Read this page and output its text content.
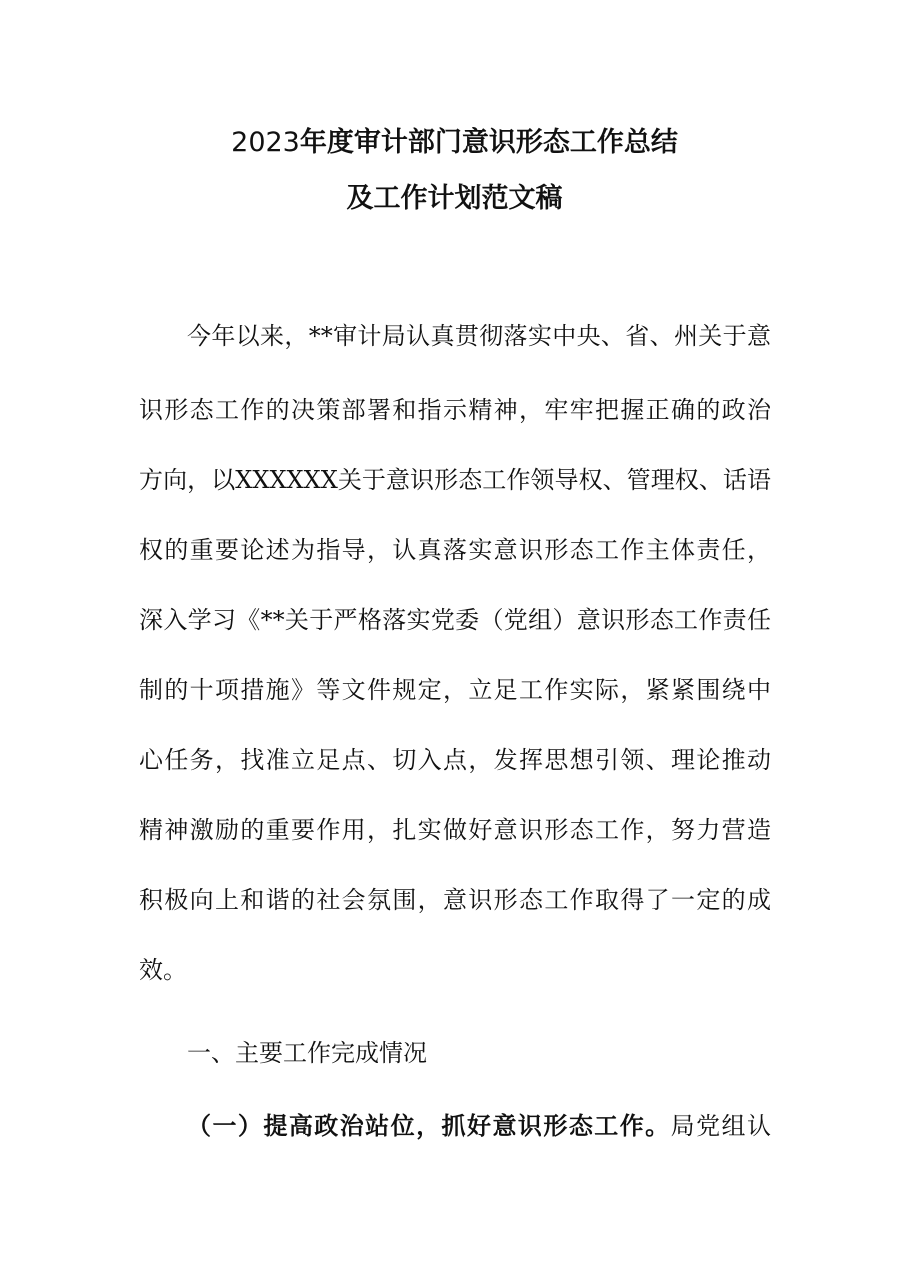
2023年度审计部门意识形态工作总结
及工作计划范文稿
今年以来，**审计局认真贯彻落实中央、省、州关于意
识形态工作的决策部署和指示精神，牢牢把握正确的政治
方向，以XXXXXX关于意识形态工作领导权、管理权、话语
权的重要论述为指导，认真落实意识形态工作主体责任，
深入学习《**关于严格落实党委（党组）意识形态工作责任
制的十项措施》等文件规定，立足工作实际，紧紧围绕中
心任务，找准立足点、切入点，发挥思想引领、理论推动
精神激励的重要作用，扎实做好意识形态工作，努力营造
积极向上和谐的社会氛围，意识形态工作取得了一定的成
效。
一、主要工作完成情况
（一）提高政治站位，抓好意识形态工作。局党组认
